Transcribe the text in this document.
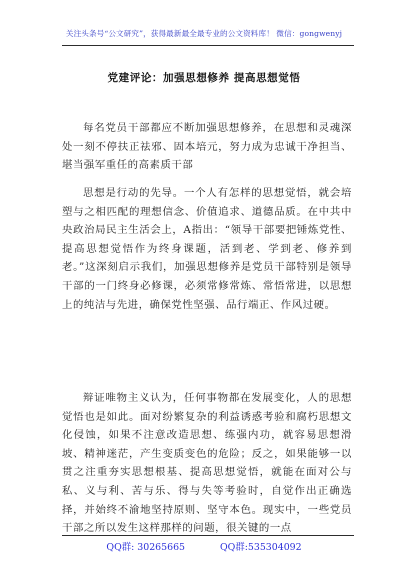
关注头条号“公文研究”，获得最新最全最专业的公文资料库！ 微信：gongwenyj
党建评论：加强思想修养 提高思想觉悟

每名党员干部都应不断加强思想修养，在思想和灵魂深处一刻不停扶正祛邪、固本培元，努力成为忠诚干净担当、堪当强军重任的高素质干部

思想是行动的先导。一个人有怎样的思想觉悟，就会培塑与之相匹配的理想信念、价值追求、道德品质。在中共中央政治局民主生活会上，A指出：“领导干部要把锤炼党性、提高思想觉悟作为终身课题，活到老、学到老、修养到老。”这深刻启示我们，加强思想修养是党员干部特别是领导干部的一门终身必修课，必须常修常炼、常悟常进，以思想上的纯洁与先进，确保党性坚强、品行端正、作风过硬。

辩证唯物主义认为，任何事物都在发展变化，人的思想觉悟也是如此。面对纷繁复杂的利益诱惑考验和腐朽思想文化侵蚀，如果不注意改造思想、练强内功，就容易思想滑坡、精神迷茫，产生变质变色的危险；反之，如果能够一以贯之注重夯实思想根基、提高思想觉悟，就能在面对公与私、义与利、苦与乐、得与失等考验时，自觉作出正确选择，并始终不渝地坚持原则、坚守本色。现实中，一些党员干部之所以发生这样那样的问题，很关键的一点

QQ群: 30265665	QQ群:535304092
